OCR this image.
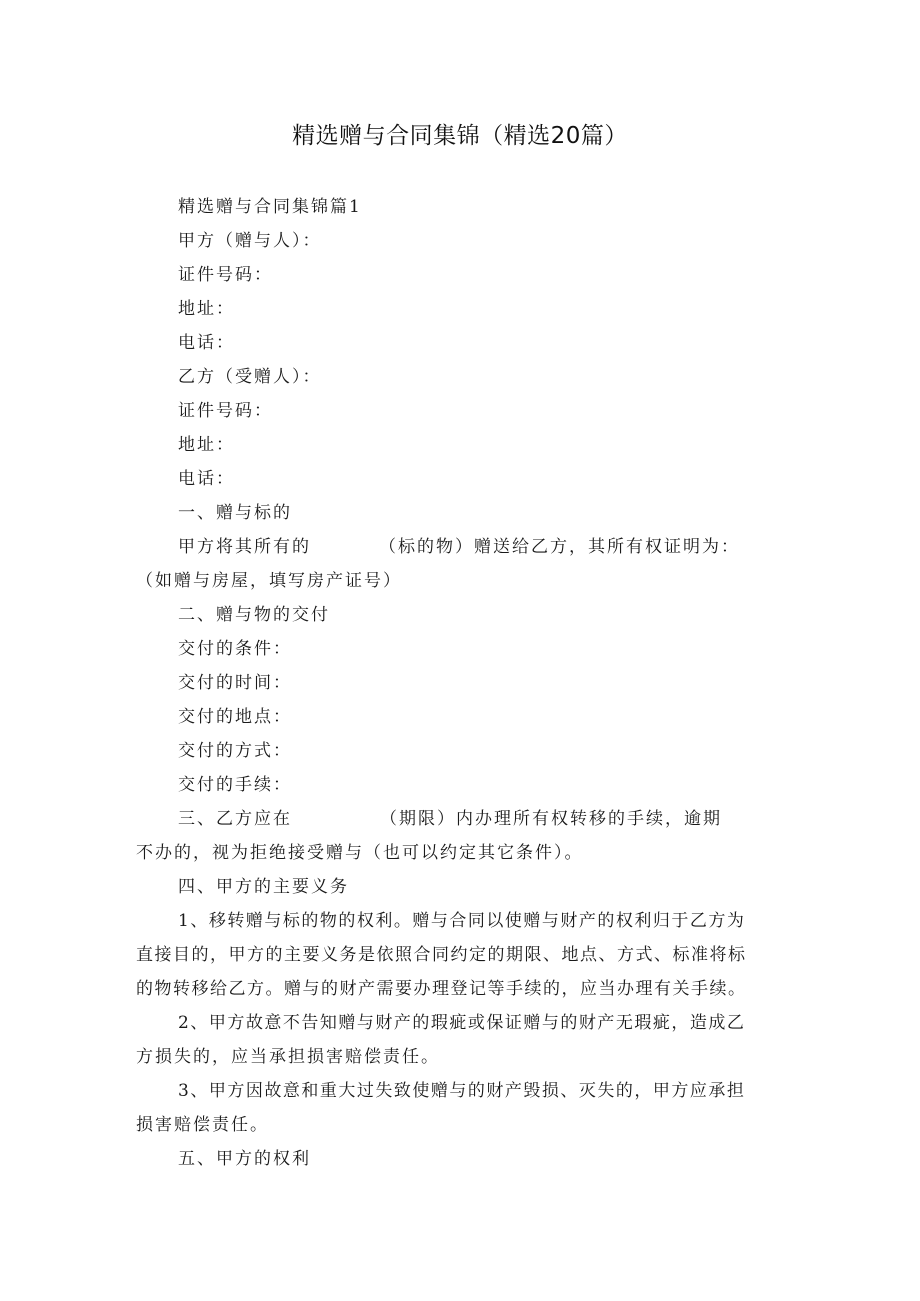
精选赠与合同集锦（精选20篇）
精选赠与合同集锦篇1
甲方（赠与人）：
证件号码：
地址：
电话：
乙方（受赠人）：
证件号码：
地址：
电话：
一、赠与标的
甲方将其所有的	（标的物）赠送给乙方，其所有权证明为：
（如赠与房屋，填写房产证号）
二、赠与物的交付
交付的条件：
交付的时间：
交付的地点：
交付的方式：
交付的手续：
三、乙方应在	（期限）内办理所有权转移的手续，逾期
不办的，视为拒绝接受赠与（也可以约定其它条件）。
四、甲方的主要义务
1、移转赠与标的物的权利。赠与合同以使赠与财产的权利归于乙方为
直接目的，甲方的主要义务是依照合同约定的期限、地点、方式、标准将标
的物转移给乙方。赠与的财产需要办理登记等手续的，应当办理有关手续。
2、甲方故意不告知赠与财产的瑕疵或保证赠与的财产无瑕疵，造成乙
方损失的，应当承担损害赔偿责任。
3、甲方因故意和重大过失致使赠与的财产毁损、灭失的，甲方应承担
损害赔偿责任。
五、甲方的权利
